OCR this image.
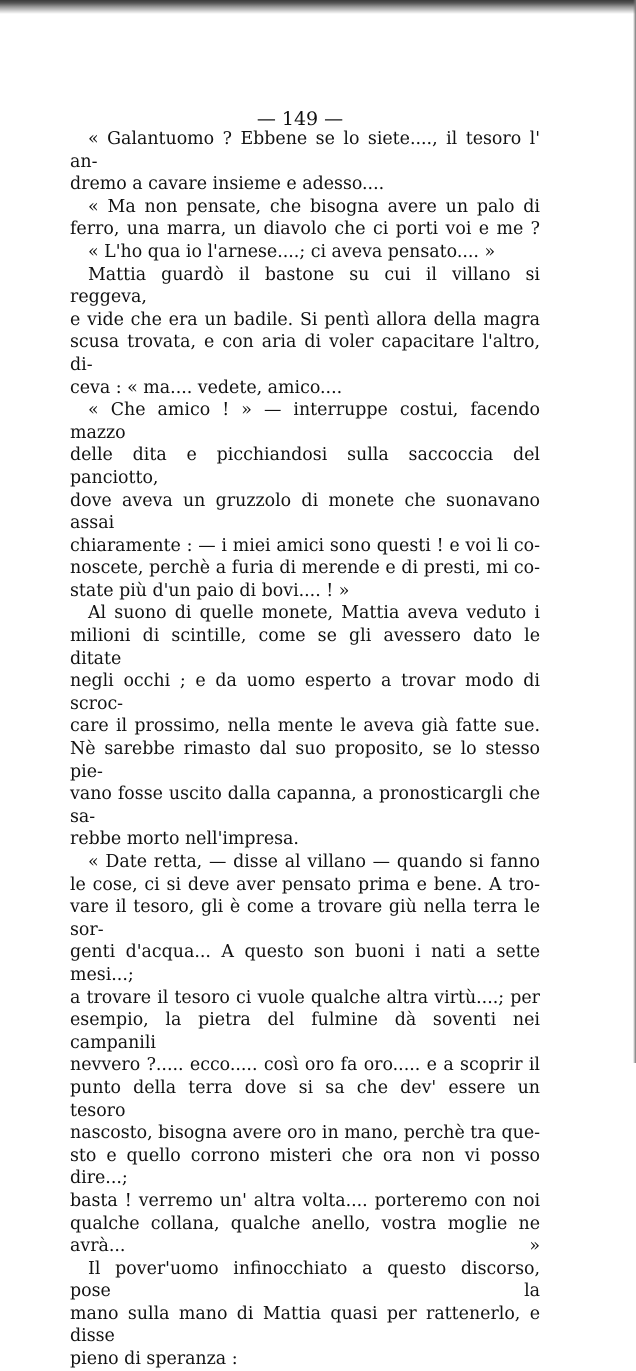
— 149 —
« Galantuomo ? Ebbene se lo siete...., il tesoro l' an-
dremo a cavare insieme e adesso....
« Ma non pensate, che bisogna avere un palo di
ferro, una marra, un diavolo che ci porti voi e me ?
« L'ho qua io l'arnese....; ci aveva pensato.... »
Mattia guardò il bastone su cui il villano si reggeva,
e vide che era un badile. Si pentì allora della magra
scusa trovata, e con aria di voler capacitare l'altro, di-
ceva : « ma.... vedete, amico....
« Che amico ! » — interruppe costui, facendo mazzo
delle dita e picchiandosi sulla saccoccia del panciotto,
dove aveva un gruzzolo di monete che suonavano assai
chiaramente : — i miei amici sono questi ! e voi li co-
noscete, perchè a furia di merende e di presti, mi co-
state più d'un paio di bovi.... ! »
Al suono di quelle monete, Mattia aveva veduto i
milioni di scintille, come se gli avessero dato le ditate
negli occhi ; e da uomo esperto a trovar modo di scroc-
care il prossimo, nella mente le aveva già fatte sue.
Nè sarebbe rimasto dal suo proposito, se lo stesso pie-
vano fosse uscito dalla capanna, a pronosticargli che sa-
rebbe morto nell'impresa.
« Date retta, — disse al villano — quando si fanno
le cose, ci si deve aver pensato prima e bene. A tro-
vare il tesoro, gli è come a trovare giù nella terra le sor-
genti d'acqua... A questo son buoni i nati a sette mesi...;
a trovare il tesoro ci vuole qualche altra virtù....; per
esempio, la pietra del fulmine dà soventi nei campanili
nevvero ?..... ecco..... così oro fa oro..... e a scoprir il
punto della terra dove si sa che dev' essere un tesoro
nascosto, bisogna avere oro in mano, perchè tra que-
sto e quello corrono misteri che ora non vi posso dire...;
basta ! verremo un' altra volta.... porteremo con noi
qualche collana, qualche anello, vostra moglie ne avrà... »
Il pover'uomo infinocchiato a questo discorso, pose la
mano sulla mano di Mattia quasi per rattenerlo, e disse
pieno di speranza :
